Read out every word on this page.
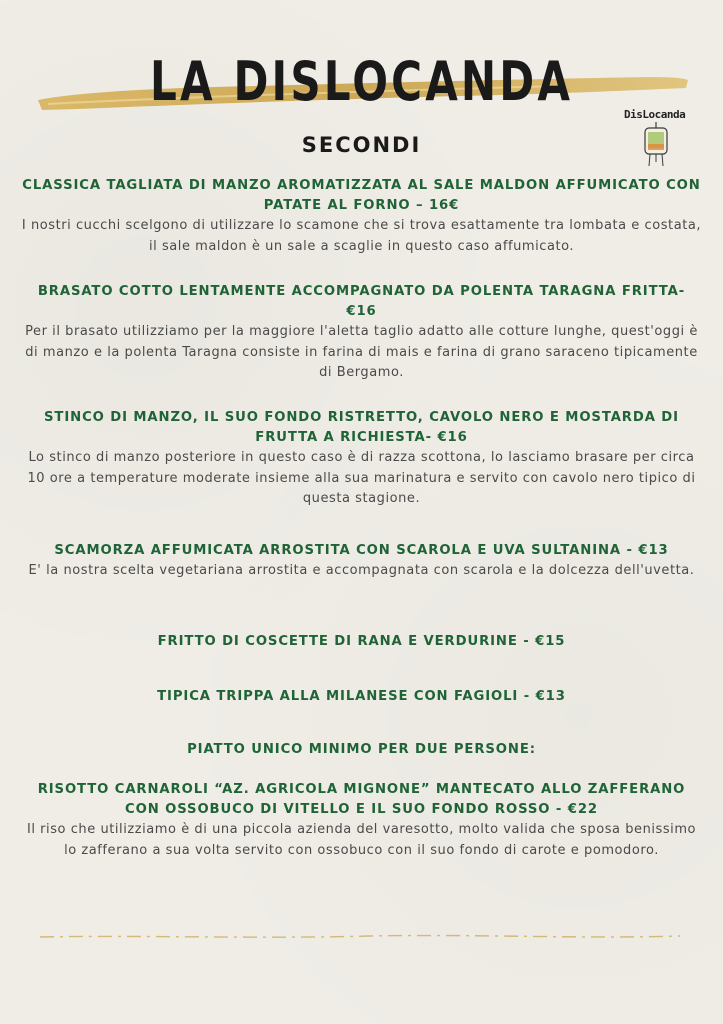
LA DISLOCANDA
SECONDI
DisLocanda
CLASSICA TAGLIATA DI MANZO AROMATIZZATA AL SALE MALDON AFFUMICATO CON PATATE AL FORNO – 16€
I nostri cucchi scelgono di utilizzare lo scamone che si trova esattamente tra lombata e costata, il sale maldon è un sale a scaglie in questo caso affumicato.
BRASATO COTTO LENTAMENTE ACCOMPAGNATO DA POLENTA TARAGNA FRITTA- €16
Per il brasato utilizziamo per la maggiore l'aletta taglio adatto alle cotture lunghe, quest'oggi è di manzo e la polenta Taragna consiste in farina di mais e farina di grano saraceno tipicamente di Bergamo.
STINCO DI MANZO, IL SUO FONDO RISTRETTO, CAVOLO NERO E MOSTARDA DI FRUTTA A RICHIESTA- €16
Lo stinco di manzo posteriore in questo caso è di razza scottona, lo lasciamo brasare per circa 10 ore a temperature moderate insieme alla sua marinatura e servito con cavolo nero tipico di questa stagione.
SCAMORZA AFFUMICATA ARROSTITA CON SCAROLA E UVA SULTANINA - €13
E' la nostra scelta vegetariana arrostita e accompagnata con scarola e la dolcezza dell'uvetta.
FRITTO DI COSCETTE DI RANA E VERDURINE - €15
TIPICA TRIPPA ALLA MILANESE CON FAGIOLI - €13
PIATTO UNICO MINIMO PER DUE PERSONE:
RISOTTO CARNAROLI “AZ. AGRICOLA MIGNONE” MANTECATO ALLO ZAFFERANO CON OSSOBUCO DI VITELLO E IL SUO FONDO ROSSO - €22
Il riso che utilizziamo è di una piccola azienda del varesotto, molto valida che sposa benissimo lo zafferano a sua volta servito con ossobuco con il suo fondo di carote e pomodoro.
